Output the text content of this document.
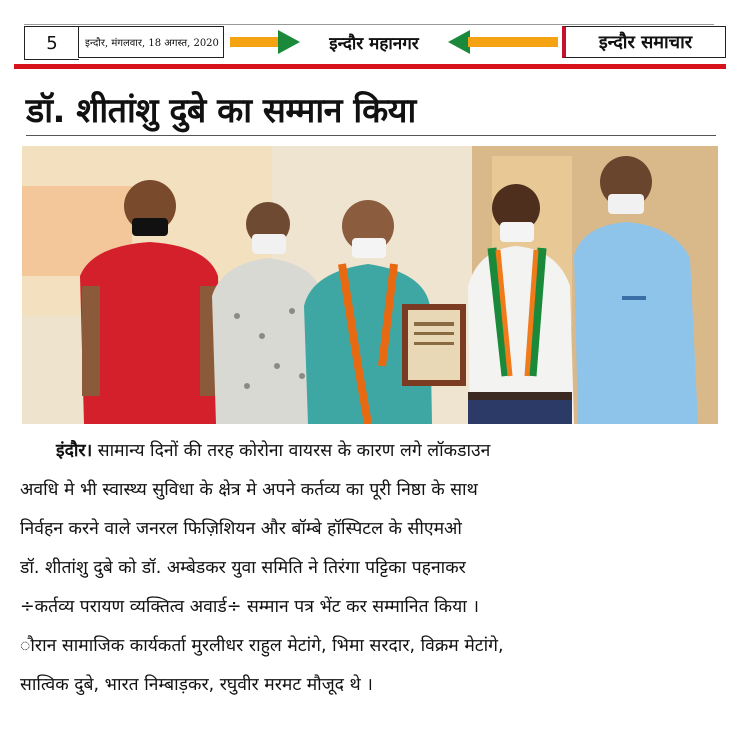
5	इन्दौर, मंगलवार, 18 अगस्त, 2020	इन्दौर महानगर	इन्दौर समाचार
डॉ. शीतांशु दुबे का सम्मान किया
इंदौर। सामान्य दिनों की तरह कोरोना वायरस के कारण लगे लॉकडाउन
अवधि मे भी स्वास्थ्य सुविधा के क्षेत्र मे अपने कर्तव्य का पूरी निष्ठा के साथ
निर्वहन करने वाले जनरल फिज़िशियन और बॉम्बे हॉस्पिटल के सीएमओ
डॉ. शीतांशु दुबे को डॉ. अम्बेडकर युवा समिति ने तिरंगा पट्टिका पहनाकर
÷कर्तव्य परायण व्यक्तित्व अवार्ड÷ सम्मान पत्र भेंट कर सम्मानित किया ।
ौरान सामाजिक कार्यकर्ता मुरलीधर राहुल मेटांगे, भिमा सरदार, विक्रम मेटांगे,
सात्विक दुबे, भारत निम्बाड़कर, रघुवीर मरमट मौजूद थे ।
